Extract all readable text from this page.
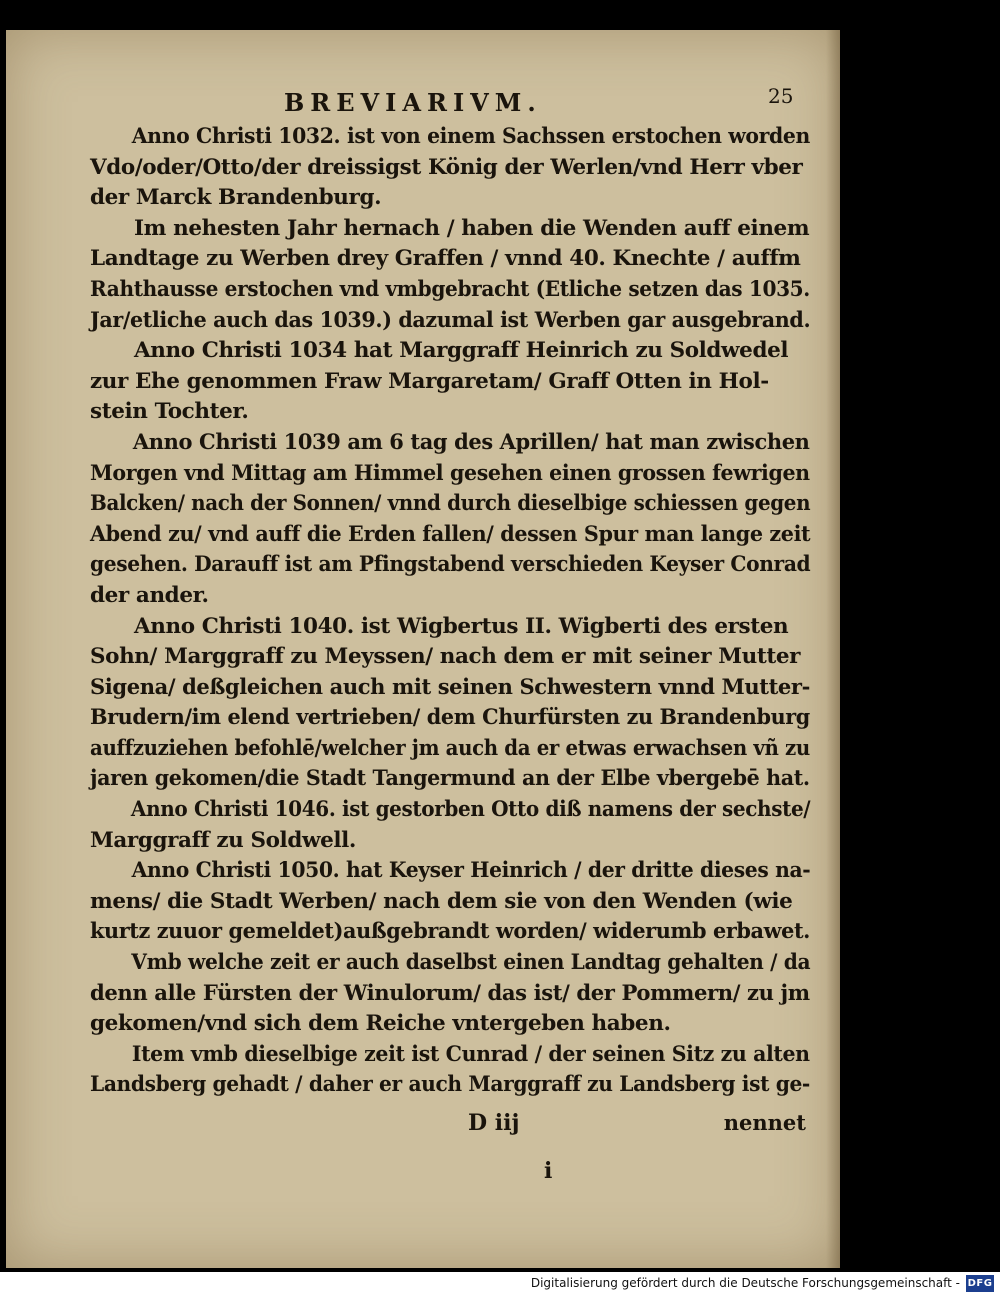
BREVIARIVM.	25
Anno Christi 1032. ist von einem Sachssen erstochen worden
Vdo/oder/Otto/der dreissigst König der Werlen/vnd Herr vber
der Marck Brandenburg.
Im nehesten Jahr hernach / haben die Wenden auff einem
Landtage zu Werben drey Graffen / vnnd 40. Knechte / auffm
Rahthausse erstochen vnd vmbgebracht (Etliche setzen das 1035.
Jar/etliche auch das 1039.) dazumal ist Werben gar ausgebrand.
Anno Christi 1034 hat Marggraff Heinrich zu Soldwedel
zur Ehe genommen Fraw Margaretam/ Graff Otten in Hol-
stein Tochter.
Anno Christi 1039 am 6 tag des Aprillen/ hat man zwischen
Morgen vnd Mittag am Himmel gesehen einen grossen fewrigen
Balcken/ nach der Sonnen/ vnnd durch dieselbige schiessen gegen
Abend zu/ vnd auff die Erden fallen/ dessen Spur man lange zeit
gesehen. Darauff ist am Pfingstabend verschieden Keyser Conrad
der ander.
Anno Christi 1040. ist Wigbertus II. Wigberti des ersten
Sohn/ Marggraff zu Meyssen/ nach dem er mit seiner Mutter
Sigena/ deßgleichen auch mit seinen Schwestern vnnd Mutter-
Brudern/im elend vertrieben/ dem Churfürsten zu Brandenburg
auffzuziehen befohlē/welcher jm auch da er etwas erwachsen vñ zu
jaren gekomen/die Stadt Tangermund an der Elbe vbergebē hat.
Anno Christi 1046. ist gestorben Otto diß namens der sechste/
Marggraff zu Soldwell.
Anno Christi 1050. hat Keyser Heinrich / der dritte dieses na-
mens/ die Stadt Werben/ nach dem sie von den Wenden (wie
kurtz zuuor gemeldet)außgebrandt worden/ widerumb erbawet.
Vmb welche zeit er auch daselbst einen Landtag gehalten / da
denn alle Fürsten der Winulorum/ das ist/ der Pommern/ zu jm
gekomen/vnd sich dem Reiche vntergeben haben.
Item vmb dieselbige zeit ist Cunrad / der seinen Sitz zu alten
Landsberg gehadt / daher er auch Marggraff zu Landsberg ist ge-
D iij	nennet
i
Digitalisierung gefördert durch die Deutsche Forschungsgemeinschaft - DFG
